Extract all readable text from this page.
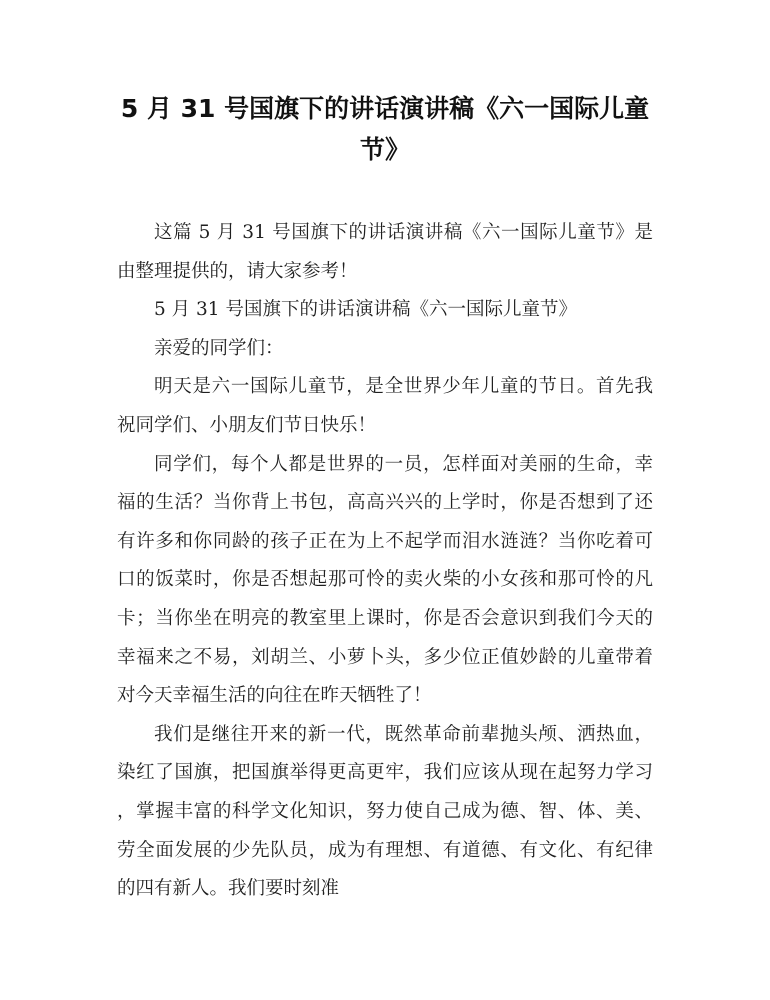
5 月 31 号国旗下的讲话演讲稿《六一国际儿童节》

这篇 5 月 31 号国旗下的讲话演讲稿《六一国际儿童节》是由整理提供的，请大家参考！

5 月 31 号国旗下的讲话演讲稿《六一国际儿童节》

亲爱的同学们：

明天是六一国际儿童节，是全世界少年儿童的节日。首先我祝同学们、小朋友们节日快乐！

同学们，每个人都是世界的一员，怎样面对美丽的生命，幸福的生活？当你背上书包，高高兴兴的上学时，你是否想到了还有许多和你同龄的孩子正在为上不起学而泪水涟涟？当你吃着可口的饭菜时，你是否想起那可怜的卖火柴的小女孩和那可怜的凡卡；当你坐在明亮的教室里上课时，你是否会意识到我们今天的幸福来之不易，刘胡兰、小萝卜头，多少位正值妙龄的儿童带着对今天幸福生活的向往在昨天牺牲了！

我们是继往开来的新一代，既然革命前辈抛头颅、洒热血，染红了国旗，把国旗举得更高更牢，我们应该从现在起努力学习，掌握丰富的科学文化知识，努力使自己成为德、智、体、美、劳全面发展的少先队员，成为有理想、有道德、有文化、有纪律的四有新人。我们要时刻准
